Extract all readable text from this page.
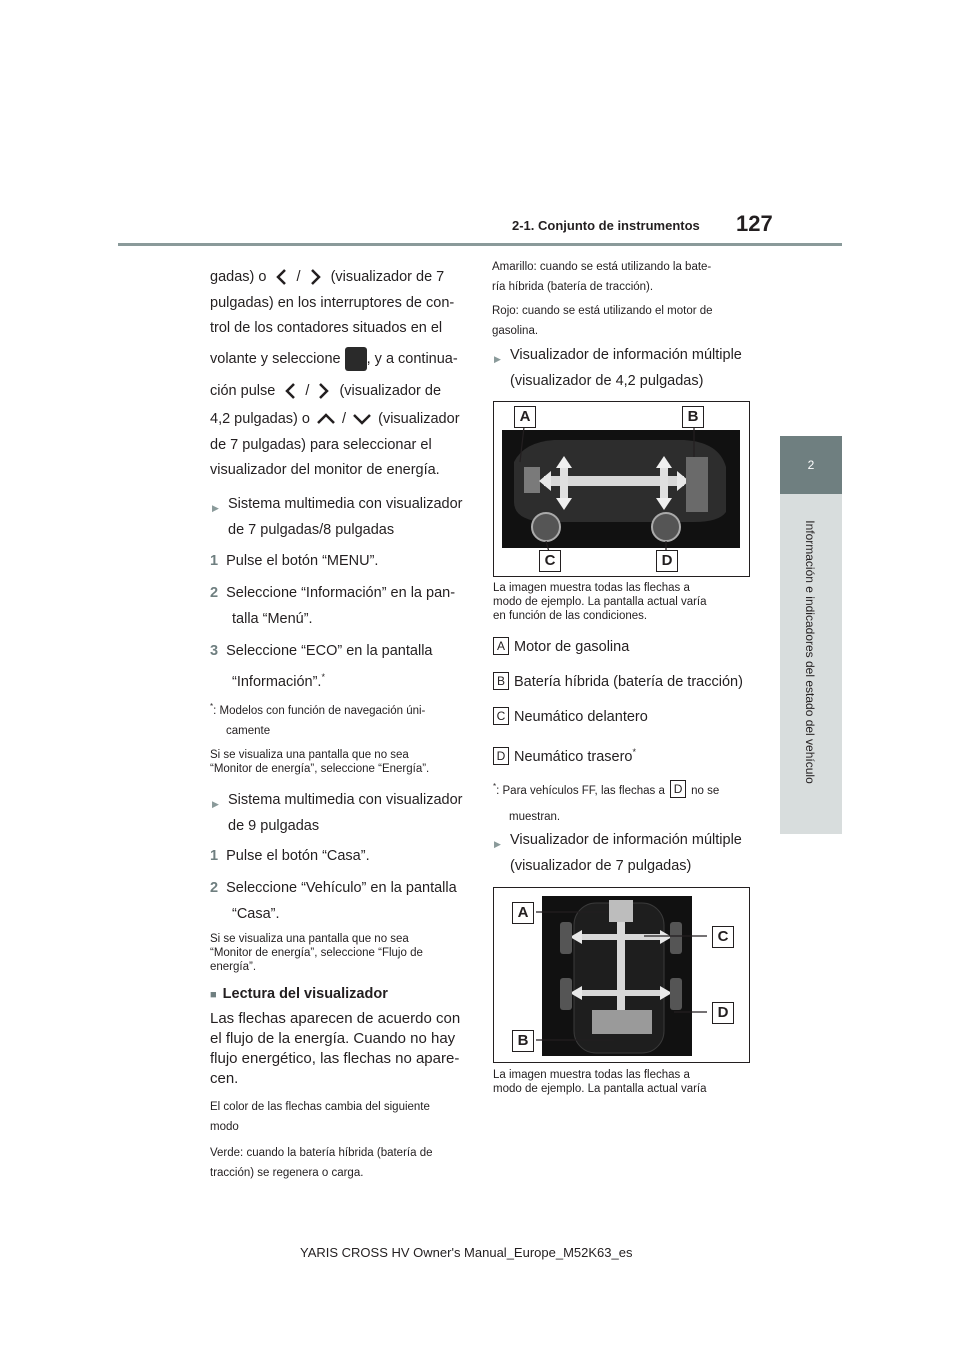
2-1. Conjunto de instrumentos 127
2
Información e indicadores del estado del vehículo
gadas) o / (visualizador de 7
pulgadas) en los interruptores de con-
trol de los contadores situados en el
volante y seleccione , y a continua-
ción pulse / (visualizador de
4,2 pulgadas) o / (visualizador
de 7 pulgadas) para seleccionar el
visualizador del monitor de energía.
Sistema multimedia con visualizador
de 7 pulgadas/8 pulgadas
1 Pulse el botón “MENU”.
2 Seleccione “Información” en la pan-
talla “Menú”.
3 Seleccione “ECO” en la pantalla
“Información”.*
*: Modelos con función de navegación úni-
camente
Si se visualiza una pantalla que no sea
“Monitor de energía”, seleccione “Energía”.
Sistema multimedia con visualizador
de 9 pulgadas
1 Pulse el botón “Casa”.
2 Seleccione “Vehículo” en la pantalla
“Casa”.
Si se visualiza una pantalla que no sea
“Monitor de energía”, seleccione “Flujo de
energía”.
■ Lectura del visualizador
Las flechas aparecen de acuerdo con
el flujo de la energía. Cuando no hay
flujo energético, las flechas no apare-
cen.
El color de las flechas cambia del siguiente
modo
Verde: cuando la batería híbrida (batería de
tracción) se regenera o carga.
Amarillo: cuando se está utilizando la bate-
ría híbrida (batería de tracción).
Rojo: cuando se está utilizando el motor de
gasolina.
Visualizador de información múltiple
(visualizador de 4,2 pulgadas)
A	B
C	D
La imagen muestra todas las flechas a
modo de ejemplo. La pantalla actual varía
en función de las condiciones.
A Motor de gasolina
B Batería híbrida (batería de tracción)
C Neumático delantero
D Neumático trasero*
*: Para vehículos FF, las flechas a D no se
muestran.
Visualizador de información múltiple
(visualizador de 7 pulgadas)
A
C
D
B
La imagen muestra todas las flechas a
modo de ejemplo. La pantalla actual varía
YARIS CROSS HV Owner's Manual_Europe_M52K63_es
